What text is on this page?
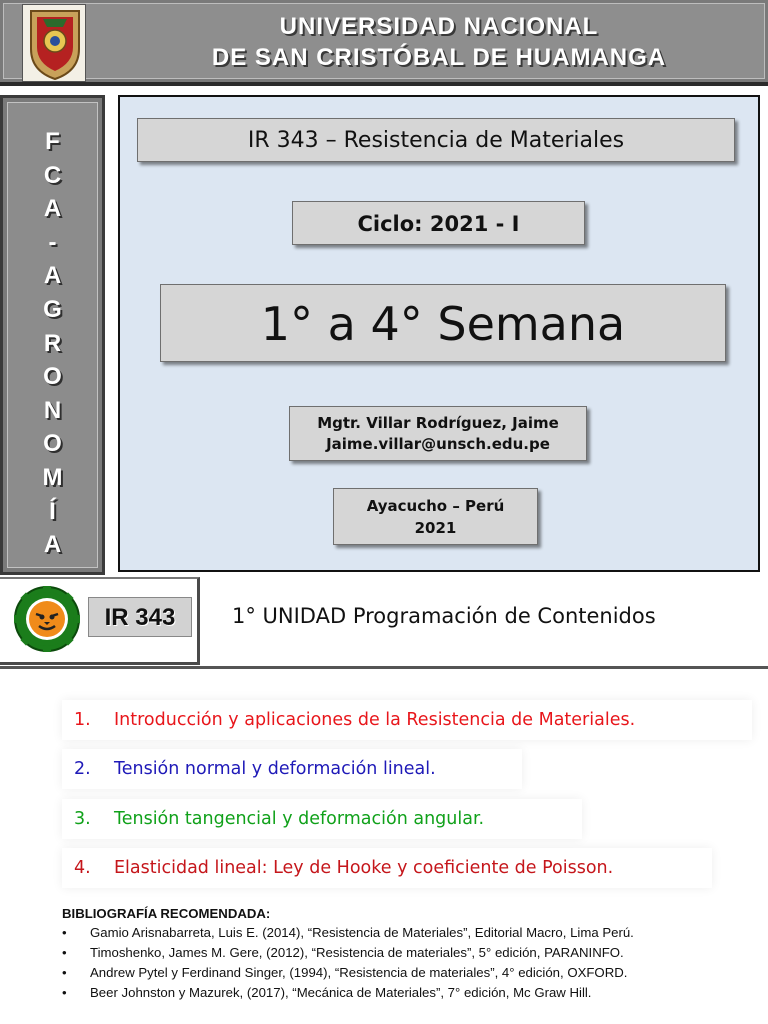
UNIVERSIDAD NACIONAL
DE SAN CRISTÓBAL DE HUAMANGA
F
C
A
-
A
G
R
O
N
O
M
Í
A
IR 343 – Resistencia de Materiales
Ciclo: 2021 - I
1° a 4° Semana
Mgtr. Villar Rodríguez, Jaime
Jaime.villar@unsch.edu.pe
Ayacucho – Perú
2021
IR 343	1° UNIDAD Programación de Contenidos
1. Introducción y aplicaciones de la Resistencia de Materiales.
2. Tensión normal y deformación lineal.
3. Tensión tangencial y deformación angular.
4. Elasticidad lineal: Ley de Hooke y coeficiente de Poisson.
BIBLIOGRAFÍA RECOMENDADA:
• Gamio Arisnabarreta, Luis E. (2014), “Resistencia de Materiales”, Editorial Macro, Lima Perú.
• Timoshenko, James M. Gere, (2012), “Resistencia de materiales”, 5° edición, PARANINFO.
• Andrew Pytel y Ferdinand Singer, (1994), “Resistencia de materiales”, 4° edición, OXFORD.
• Beer Johnston y Mazurek, (2017), “Mecánica de Materiales”, 7° edición, Mc Graw Hill.
